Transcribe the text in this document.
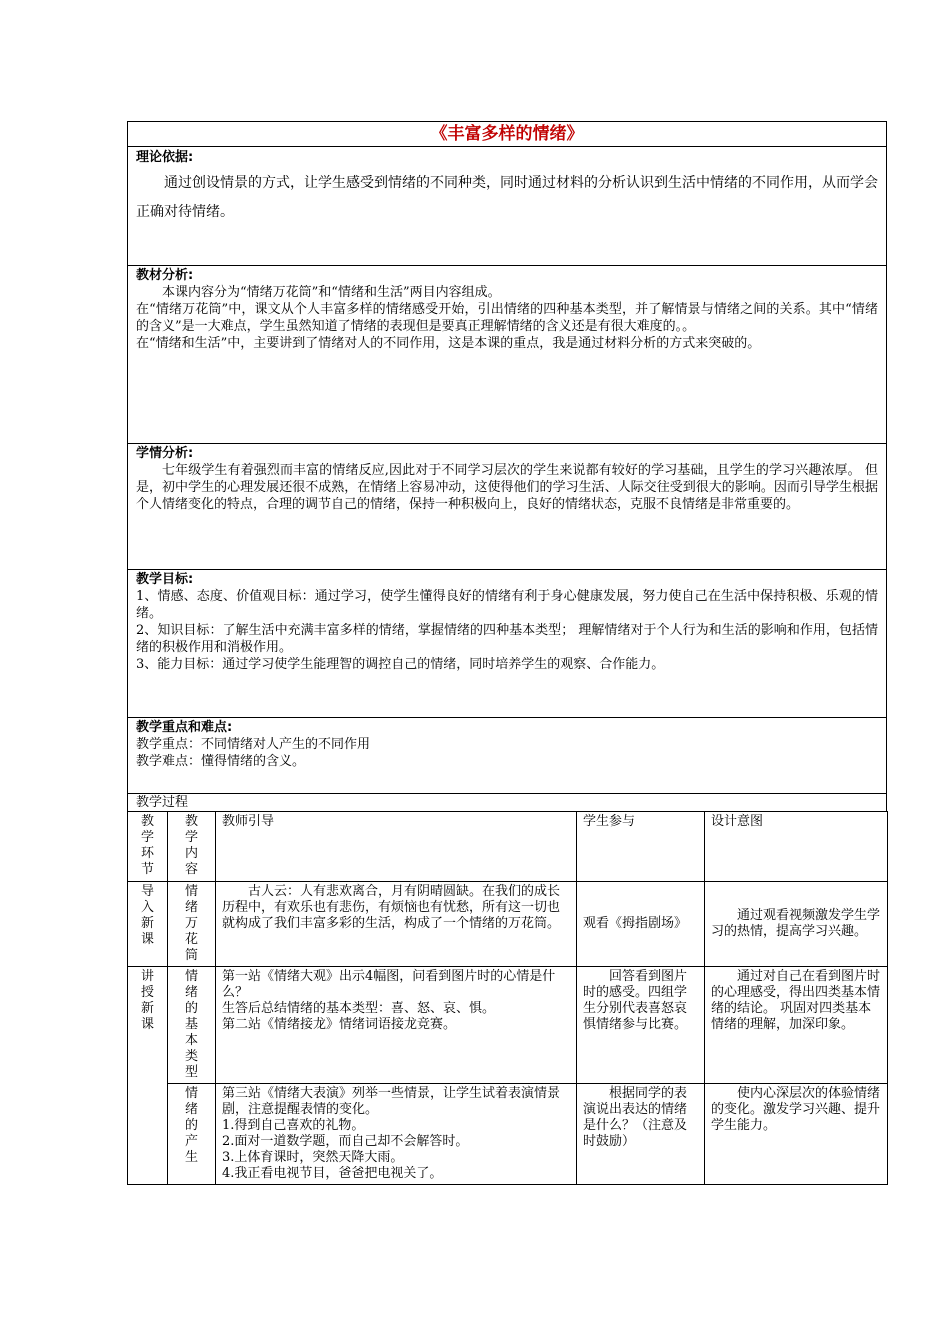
《丰富多样的情绪》
理论依据:
通过创设情景的方式，让学生感受到情绪的不同种类，同时通过材料的分析认识到生活中情绪的不同作用，从而学会正确对待情绪。
教材分析:

本课内容分为“情绪万花筒”和“情绪和生活”两目内容组成。

在“情绪万花筒”中，课文从个人丰富多样的情绪感受开始，引出情绪的四种基本类型，并了解情景与情绪之间的关系。其中“情绪的含义”是一大难点，学生虽然知道了情绪的表现但是要真正理解情绪的含义还是有很大难度的。。

在“情绪和生活”中，主要讲到了情绪对人的不同作用，这是本课的重点，我是通过材料分析的方式来突破的。

学情分析:
七年级学生有着强烈而丰富的情绪反应,因此对于不同学习层次的学生来说都有较好的学习基础，且学生的学习兴趣浓厚。 但是，初中学生的心理发展还很不成熟，在情绪上容易冲动，这使得他们的学习生活、人际交往受到很大的影响。因而引导学生根据个人情绪变化的特点，合理的调节自己的情绪，保持一种积极向上，良好的情绪状态，克服不良情绪是非常重要的。
教学目标:

1、情感、态度、价值观目标：通过学习，使学生懂得良好的情绪有利于身心健康发展，努力使自己在生活中保持积极、乐观的情绪。

2、知识目标：了解生活中充满丰富多样的情绪，掌握情绪的四种基本类型； 理解情绪对于个人行为和生活的影响和作用，包括情绪的积极作用和消极作用。

3、能力目标：通过学习使学生能理智的调控自己的情绪，同时培养学生的观察、合作能力。

教学重点和难点:

教学重点：不同情绪对人产生的不同作用

教学难点：懂得情绪的含义。

教学过程
教学环节	教学内容	教师引导	学生参与	设计意图

导入新课	情绪万花筒	古人云：人有悲欢离合，月有阴晴圆缺。在我们的成长历程中，有欢乐也有悲伤，有烦恼也有忧愁，所有这一切也就构成了我们丰富多彩的生活，构成了一个情绪的万花筒。	观看《拇指剧场》	通过观看视频激发学生学习的热情，提高学习兴趣。

讲授新课	情绪的基本类型	第一站《情绪大观》出示4幅图，问看到图片时的心情是什么？
生答后总结情绪的基本类型：喜、怒、哀、惧。
第二站《情绪接龙》情绪词语接龙竞赛。	回答看到图片时的感受。四组学生分别代表喜怒哀惧情绪参与比赛。	通过对自己在看到图片时的心理感受，得出四类基本情绪的结论。 巩固对四类基本情绪的理解，加深印象。

	情绪的产生	第三站《情绪大表演》列举一些情景，让学生试着表演情景剧，注意提醒表情的变化。
1.得到自己喜欢的礼物。
2.面对一道数学题，而自己却不会解答时。
3.上体育课时，突然天降大雨。
4.我正看电视节目，爸爸把电视关了。	根据同学的表演说出表达的情绪是什么？（注意及时鼓励）	使内心深层次的体验情绪的变化。激发学习兴趣、提升学生能力。
